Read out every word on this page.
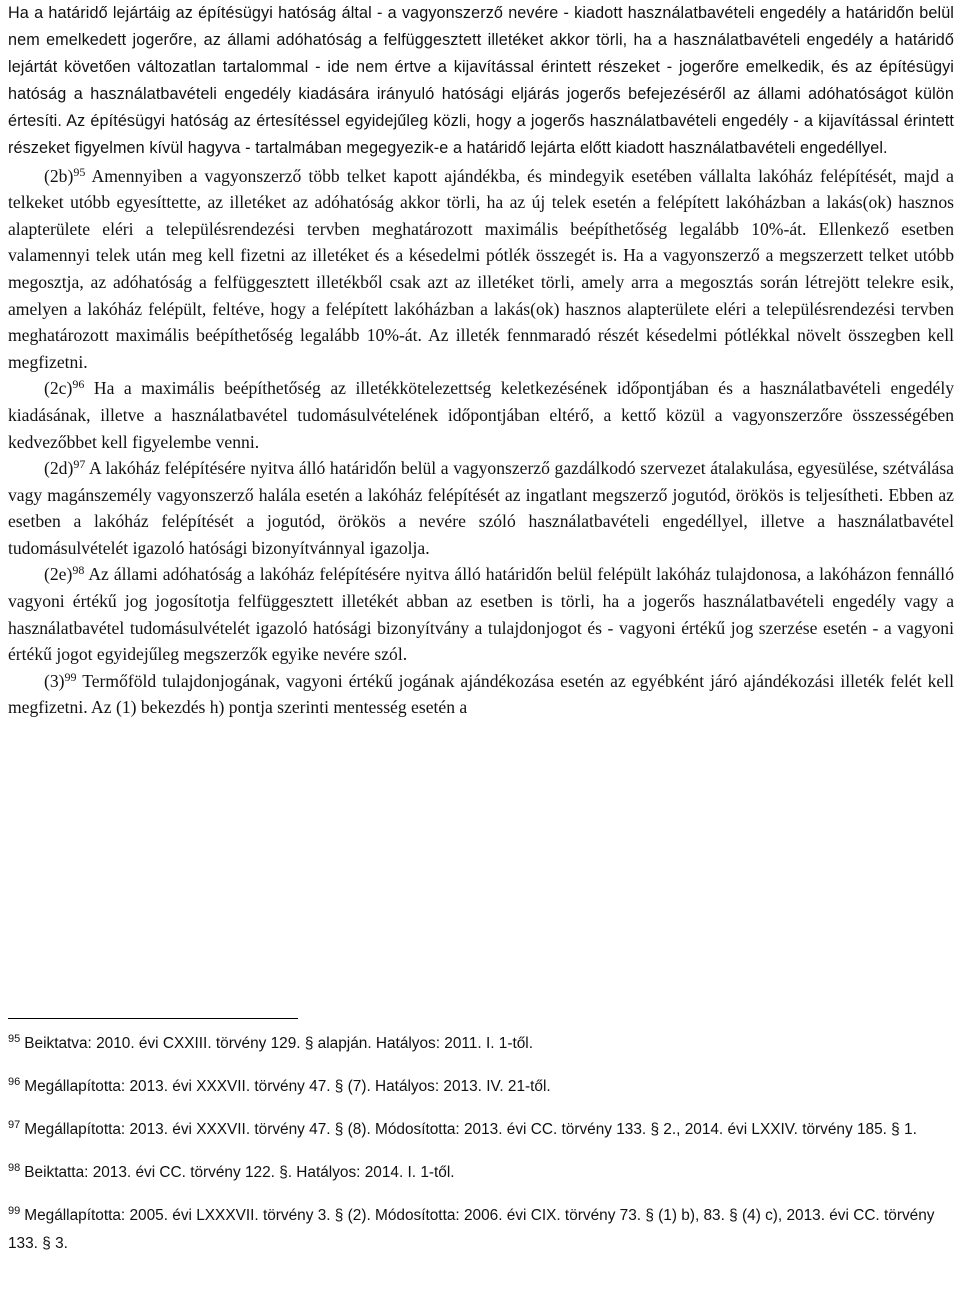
Ha a határidő lejártáig az építésügyi hatóság által - a vagyonszerző nevére - kiadott használatbavételi engedély a határidőn belül nem emelkedett jogerőre, az állami adóhatóság a felfüggesztett illetéket akkor törli, ha a használatbavételi engedély a határidő lejártát követően változatlan tartalommal - ide nem értve a kijavítással érintett részeket - jogerőre emelkedik, és az építésügyi hatóság a használatbavételi engedély kiadására irányuló hatósági eljárás jogerős befejezéséről az állami adóhatóságot külön értesíti. Az építésügyi hatóság az értesítéssel egyidejűleg közli, hogy a jogerős használatbavételi engedély - a kijavítással érintett részeket figyelmen kívül hagyva - tartalmában megegyezik-e a határidő lejárta előtt kiadott használatbavételi engedéllyel.

$(2b)^{95}$ Amennyiben a vagyonszerző több telket kapott ajándékba, és mindegyik esetében vállalta lakóház felépítését, majd a telkeket utóbb egyesíttette, az illetéket az adóhatóság akkor törli, ha az új telek esetén a felépített lakóházban a lakás(ok) hasznos alapterülete eléri a településrendezési tervben meghatározott maximális beépíthetőség legalább 10%-át. Ellenkező esetben valamennyi telek után meg kell fizetni az illetéket és a késedelmi pótlék összegét is. Ha a vagyonszerző a megszerzett telket utóbb megosztja, az adóhatóság a felfüggesztett illetékből csak azt az illetéket törli, amely arra a megosztás során létrejött telekre esik, amelyen a lakóház felépült, feltéve, hogy a felépített lakóházban a lakás(ok) hasznos alapterülete eléri a településrendezési tervben meghatározott maximális beépíthetőség legalább 10%-át. Az illeték fennmaradó részét késedelmi pótlékkal növelt összegben kell megfizetni.

$(2c)^{96}$ Ha a maximális beépíthetőség az illetékkötelezettség keletkezésének időpontjában és a használatbavételi engedély kiadásának, illetve a használatbavétel tudomásulvételének időpontjában eltérő, a kettő közül a vagyonszerzőre összességében kedvezőbbet kell figyelembe venni.

$(2d)^{97}$ A lakóház felépítésére nyitva álló határidőn belül a vagyonszerző gazdálkodó szervezet átalakulása, egyesülése, szétválása vagy magánszemély vagyonszerző halála esetén a lakóház felépítését az ingatlant megszerző jogutód, örökös is teljesítheti. Ebben az esetben a lakóház felépítését a jogutód, örökös a nevére szóló használatbavételi engedéllyel, illetve a használatbavétel tudomásulvételét igazoló hatósági bizonyítvánnyal igazolja.

$(2e)^{98}$ Az állami adóhatóság a lakóház felépítésére nyitva álló határidőn belül felépült lakóház tulajdonosa, a lakóházon fennálló vagyoni értékű jog jogosítotja felfüggesztett illetékét abban az esetben is törli, ha a jogerős használatbavételi engedély vagy a használatbavétel tudomásulvételét igazoló hatósági bizonyítvány a tulajdonjogot és - vagyoni értékű jog szerzése esetén - a vagyoni értékű jogot egyidejűleg megszerzők egyike nevére szól.

$(3)^{99}$ Termőföld tulajdonjogának, vagyoni értékű jogának ajándékozása esetén az egyébként járó ajándékozási illeték felét kell megfizetni. Az (1) bekezdés h) pontja szerinti mentesség esetén a

$^{95}$ Beiktatva: 2010. évi CXXIII. törvény 129. § alapján. Hatályos: 2011. I. 1-től.

$^{96}$ Megállapította: 2013. évi XXXVII. törvény 47. § (7). Hatályos: 2013. IV. 21-től.

$^{97}$ Megállapította: 2013. évi XXXVII. törvény 47. § (8). Módosította: 2013. évi CC. törvény 133. § 2., 2014. évi LXXIV. törvény 185. § 1.

$^{98}$ Beiktatta: 2013. évi CC. törvény 122. §. Hatályos: 2014. I. 1-től.

$^{99}$ Megállapította: 2005. évi LXXXVII. törvény 3. § (2). Módosította: 2006. évi CIX. törvény 73. § (1) b), 83. § (4) c), 2013. évi CC. törvény 133. § 3.
